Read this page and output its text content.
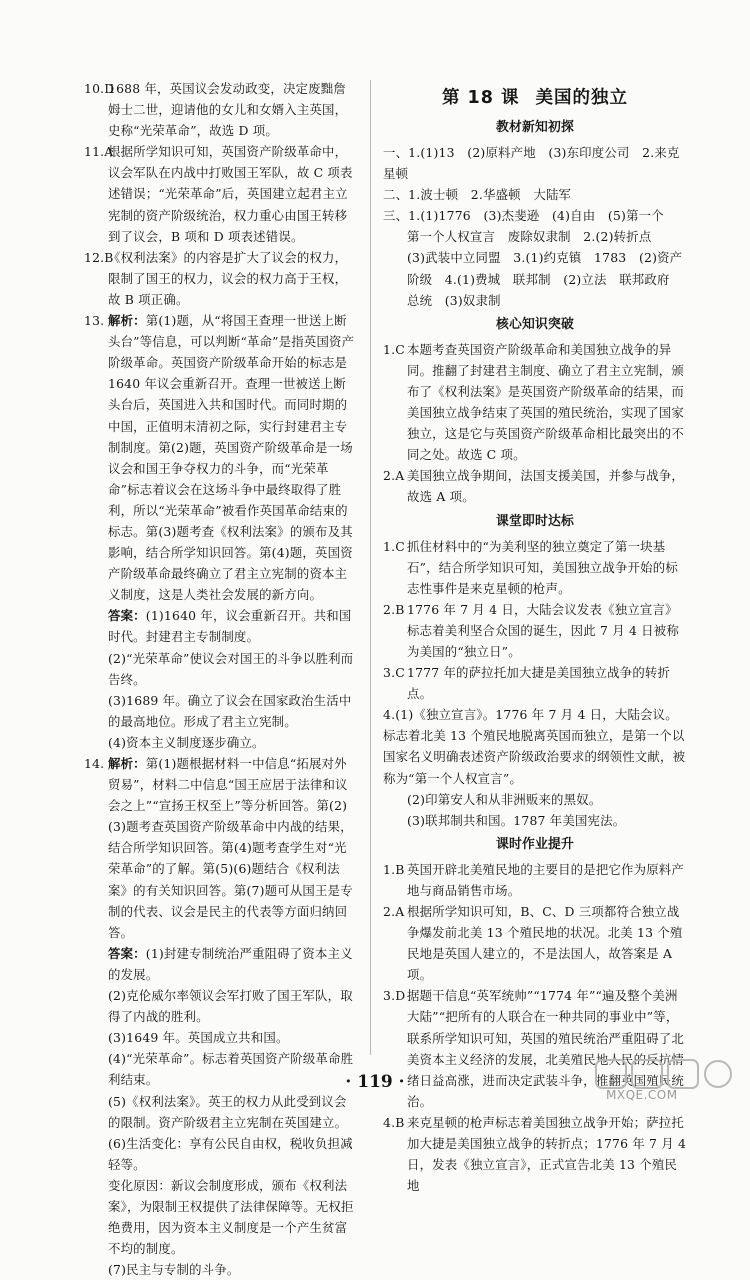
10.D
1688 年，英国议会发动政变，决定废黜詹姆士二世，迎请他的女儿和女婿入主英国，史称“光荣革命”，故选 D 项。

11.A
根据所学知识可知，英国资产阶级革命中，议会军队在内战中打败国王军队，故 C 项表述错误；“光荣革命”后，英国建立起君主立宪制的资产阶级统治，权力重心由国王转移到了议会，B 项和 D 项表述错误。

12.B
《权利法案》的内容是扩大了议会的权力，限制了国王的权力，议会的权力高于王权，故 B 项正确。

13. 解析：第(1)题，从“将国王查理一世送上断头台”等信息，可以判断“革命”是指英国资产阶级革命。英国资产阶级革命开始的标志是 1640 年议会重新召开。查理一世被送上断头台后，英国进入共和国时代。而同时期的中国，正值明末清初之际，实行封建君主专制制度。第(2)题，英国资产阶级革命是一场议会和国王争夺权力的斗争，而“光荣革命”标志着议会在这场斗争中最终取得了胜利，所以“光荣革命”被看作英国革命结束的标志。第(3)题考查《权利法案》的颁布及其影响，结合所学知识回答。第(4)题，英国资产阶级革命最终确立了君主立宪制的资本主义制度，这是人类社会发展的新方向。

答案：(1)1640 年，议会重新召开。共和国时代。封建君主专制制度。

(2)“光荣革命”使议会对国王的斗争以胜利而告终。

(3)1689 年。确立了议会在国家政治生活中的最高地位。形成了君主立宪制。

(4)资本主义制度逐步确立。

14. 解析：第(1)题根据材料一中信息“拓展对外贸易”，材料二中信息“国王应居于法律和议会之上”“宣扬王权至上”等分析回答。第(2)(3)题考查英国资产阶级革命中内战的结果，结合所学知识回答。第(4)题考查学生对“光荣革命”的了解。第(5)(6)题结合《权利法案》的有关知识回答。第(7)题可从国王是专制的代表、议会是民主的代表等方面归纳回答。

答案：(1)封建专制统治严重阻碍了资本主义的发展。

(2)克伦威尔率领议会军打败了国王军队，取得了内战的胜利。

(3)1649 年。英国成立共和国。

(4)“光荣革命”。标志着英国资产阶级革命胜利结束。

(5)《权利法案》。英王的权力从此受到议会的限制。资产阶级君主立宪制在英国建立。

(6)生活变化：享有公民自由权，税收负担减轻等。

变化原因：新议会制度形成，颁布《权利法案》，为限制王权提供了法律保障等。无权拒绝费用，因为资本主义制度是一个产生贫富不均的制度。

(7)民主与专制的斗争。

第 18 课 美国的独立
教材新知初探

一、1.(1)13　(2)原料产地　(3)东印度公司　2.来克星顿

二、1.波士顿　2.华盛顿　大陆军

三、1.(1)1776　(3)杰斐逊　(4)自由　(5)第一个

第一个人权宣言　废除奴隶制　2.(2)转折点

(3)武装中立同盟　3.(1)约克镇　1783　(2)资产阶级　4.(1)费城　联邦制　(2)立法　联邦政府

总统　(3)奴隶制

核心知识突破

1.C 本题考查英国资产阶级革命和美国独立战争的异同。推翻了封建君主制度、确立了君主立宪制，颁布了《权利法案》是英国资产阶级革命的结果，而美国独立战争结束了英国的殖民统治，实现了国家独立，这是它与英国资产阶级革命相比最突出的不同之处。故选 C 项。

2.A 美国独立战争期间，法国支援美国，并参与战争，故选 A 项。

课堂即时达标

1.C 抓住材料中的“为美利坚的独立奠定了第一块基石”，结合所学知识可知，美国独立战争开始的标志性事件是来克星顿的枪声。

2.B 1776 年 7 月 4 日，大陆会议发表《独立宣言》标志着美利坚合众国的诞生，因此 7 月 4 日被称为美国的“独立日”。

3.C 1777 年的萨拉托加大捷是美国独立战争的转折点。

4.(1)《独立宣言》。1776 年 7 月 4 日，大陆会议。标志着北美 13 个殖民地脱离英国而独立，是第一个以国家名义明确表述资产阶级政治要求的纲领性文献，被称为“第一个人权宣言”。

(2)印第安人和从非洲贩来的黑奴。

(3)联邦制共和国。1787 年美国宪法。

课时作业提升

1.B 英国开辟北美殖民地的主要目的是把它作为原料产地与商品销售市场。

2.A 根据所学知识可知，B、C、D 三项都符合独立战争爆发前北美 13 个殖民地的状况。北美 13 个殖民地是英国人建立的，不是法国人，故答案是 A 项。

3.D 据题干信息“英军统帅”“1774 年”“遍及整个美洲大陆”“把所有的人联合在一种共同的事业中”等，联系所学知识可知，英国的殖民统治严重阻碍了北美资本主义经济的发展，北美殖民地人民的反抗情绪日益高涨，进而决定武装斗争，推翻英国殖民统治。

4.B 来克星顿的枪声标志着美国独立战争开始；萨拉托加大捷是美国独立战争的转折点；1776 年 7 月 4 日，发表《独立宣言》，正式宣告北美 13 个殖民地

· 119 ·
MXQE.COM
